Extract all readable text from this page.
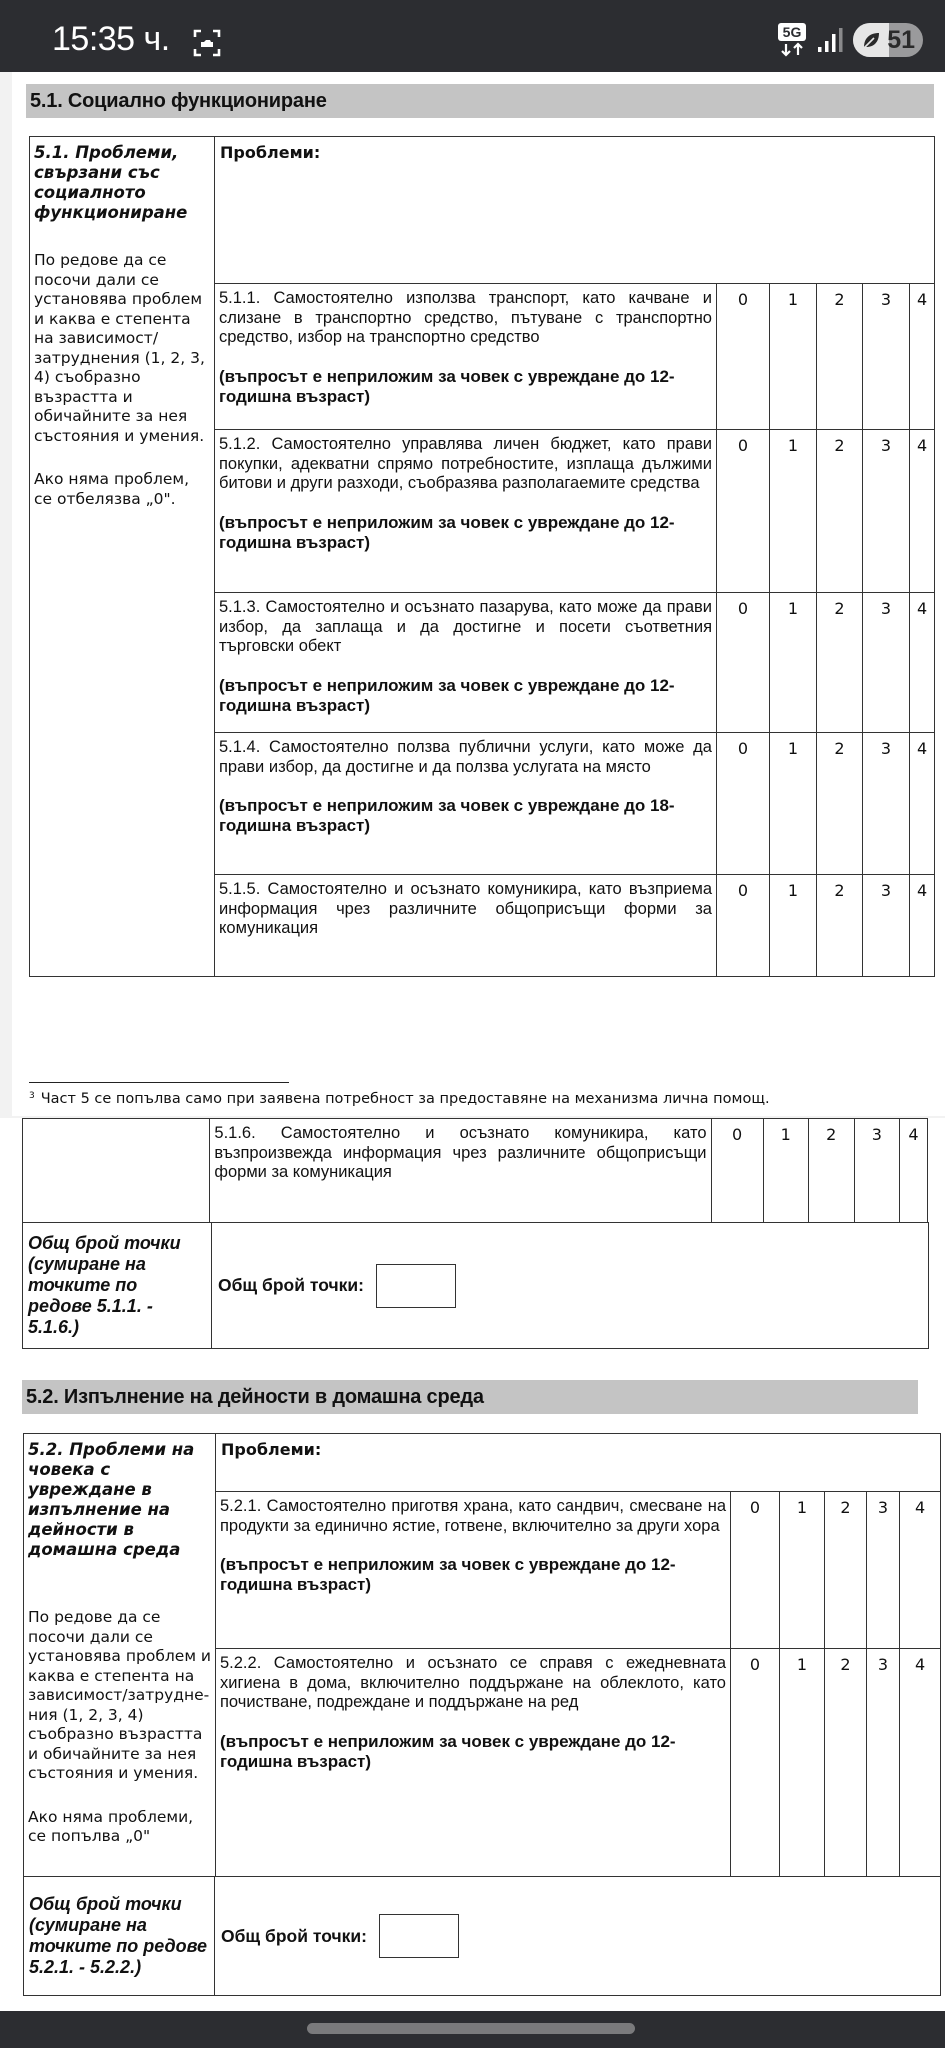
15:35 ч.	5G	51
5.1. Социално функциониране
5.1. Проблеми, свързани със социалното функциониране
По редове да се посочи дали се установява проблем и каква е степента на зависимост/затруднения (1, 2, 3, 4) съобразно възрастта и обичайните за нея състояния и умения.
Ако няма проблем, се отбелязва „0".	Проблеми:					

	5.1.1. Самостоятелно използва транспорт, като качване и слизане в транспортно средство, пътуване с транспортно средство, избор на транспортно средство
(въпросът е неприложим за човек с увреждане до 12-годишна възраст)	0	1	2	3	4

	5.1.2. Самостоятелно управлява личен бюджет, като прави покупки, адекватни спрямо потребностите, изплаща дължими битови и други разходи, съобразява разполагаемите средства
(въпросът е неприложим за човек с увреждане до 12-годишна възраст)	0	1	2	3	4

	5.1.3. Самостоятелно и осъзнато пазарува, като може да прави избор, да заплаща и да достигне и посети съответния търговски обект
(въпросът е неприложим за човек с увреждане до 12-годишна възраст)	0	1	2	3	4

	5.1.4. Самостоятелно ползва публични услуги, като може да прави избор, да достигне и да ползва услугата на място
(въпросът е неприложим за човек с увреждане до 18-годишна възраст)	0	1	2	3	4

	5.1.5. Самостоятелно и осъзнато комуникира, като възприема информация чрез различните общоприсъщи форми за комуникация	0	1	2	3	4
$^3$ Част 5 се попълва само при заявена потребност за предоставяне на механизма лична помощ.

5.1.6. Самостоятелно и осъзнато комуникира, като възпроизвежда информация чрез различните общоприсъщи форми за комуникация
	0	1	2	3	4
Общ брой точки (сумиране на точките по редове 5.1.1. - 5.1.6.)	
Общ брой точки:
5.2. Изпълнение на дейности в домашна среда
5.2. Проблеми на човека с увреждане в изпълнение на дейности в домашна среда
По редове да се посочи дали се установява проблем и каква е степента на зависимост/затруднения (1, 2, 3, 4) съобразно възрастта и обичайните за нея състояния и умения.
Ако няма проблеми, се попълва „0"	Проблеми:					

	5.2.1. Самостоятелно приготвя храна, като сандвич, смесване на продукти за единично ястие, готвене, включително за други хора
(въпросът е неприложим за човек с увреждане до 12-годишна възраст)	0	1	2	3	4

	5.2.2. Самостоятелно и осъзнато се справя с ежедневната хигиена в дома, включително поддържане на облеклото, като почистване, подреждане и поддържане на ред
(въпросът е неприложим за човек с увреждане до 12-годишна възраст)	0	1	2	3	4
Общ брой точки (сумиране на точките по редове 5.2.1. - 5.2.2.)	
Общ брой точки:
